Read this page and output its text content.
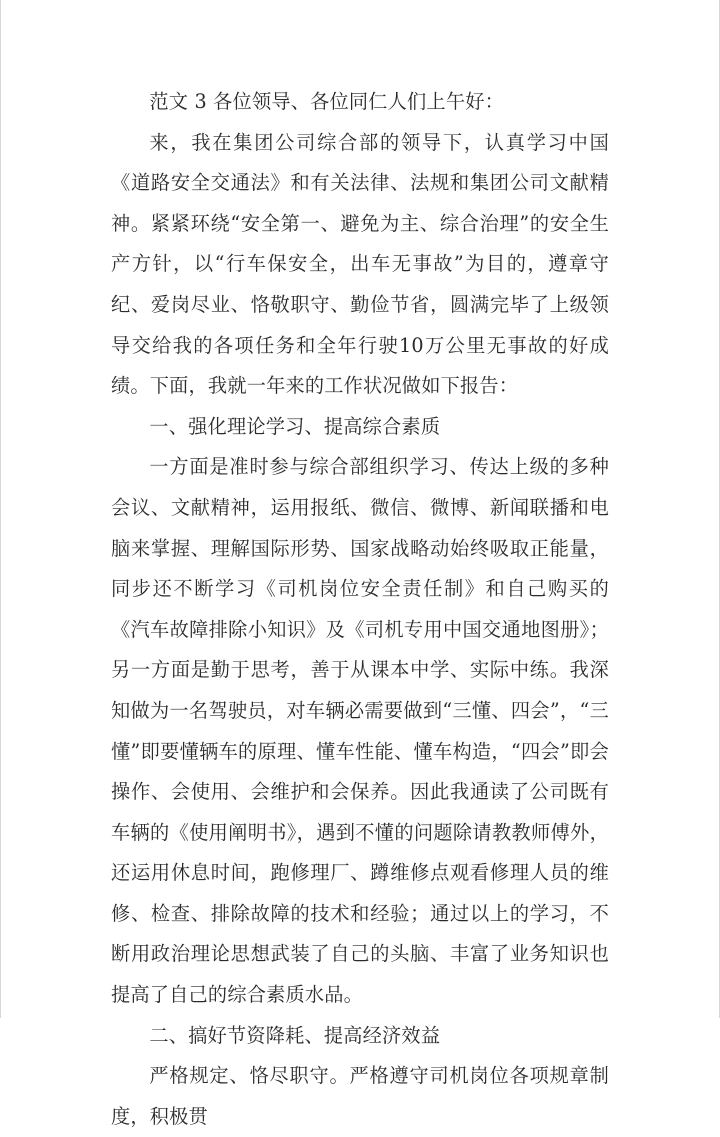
范文 3 各位领导、各位同仁人们上午好：

来，我在集团公司综合部的领导下，认真学习中国《道路安全交通法》和有关法律、法规和集团公司文献精神。紧紧环绕“安全第一、避免为主、综合治理”的安全生产方针，以“行车保安全，出车无事故”为目的，遵章守纪、爱岗尽业、恪敬职守、勤俭节省，圆满完毕了上级领导交给我的各项任务和全年行驶10万公里无事故的好成绩。下面，我就一年来的工作状况做如下报告：

一、强化理论学习、提高综合素质

一方面是准时参与综合部组织学习、传达上级的多种会议、文献精神，运用报纸、微信、微博、新闻联播和电脑来掌握、理解国际形势、国家战略动始终吸取正能量，同步还不断学习《司机岗位安全责任制》和自己购买的《汽车故障排除小知识》及《司机专用中国交通地图册》；另一方面是勤于思考，善于从课本中学、实际中练。我深知做为一名驾驶员，对车辆必需要做到“三懂、四会”，“三懂”即要懂辆车的原理、懂车性能、懂车构造，“四会”即会操作、会使用、会维护和会保养。因此我通读了公司既有车辆的《使用阐明书》，遇到不懂的问题除请教教师傅外，还运用休息时间，跑修理厂、蹲维修点观看修理人员的维修、检查、排除故障的技术和经验；通过以上的学习，不断用政治理论思想武装了自己的头脑、丰富了业务知识也提高了自己的综合素质水品。

二、搞好节资降耗、提高经济效益

严格规定、恪尽职守。严格遵守司机岗位各项规章制度，积极贯
